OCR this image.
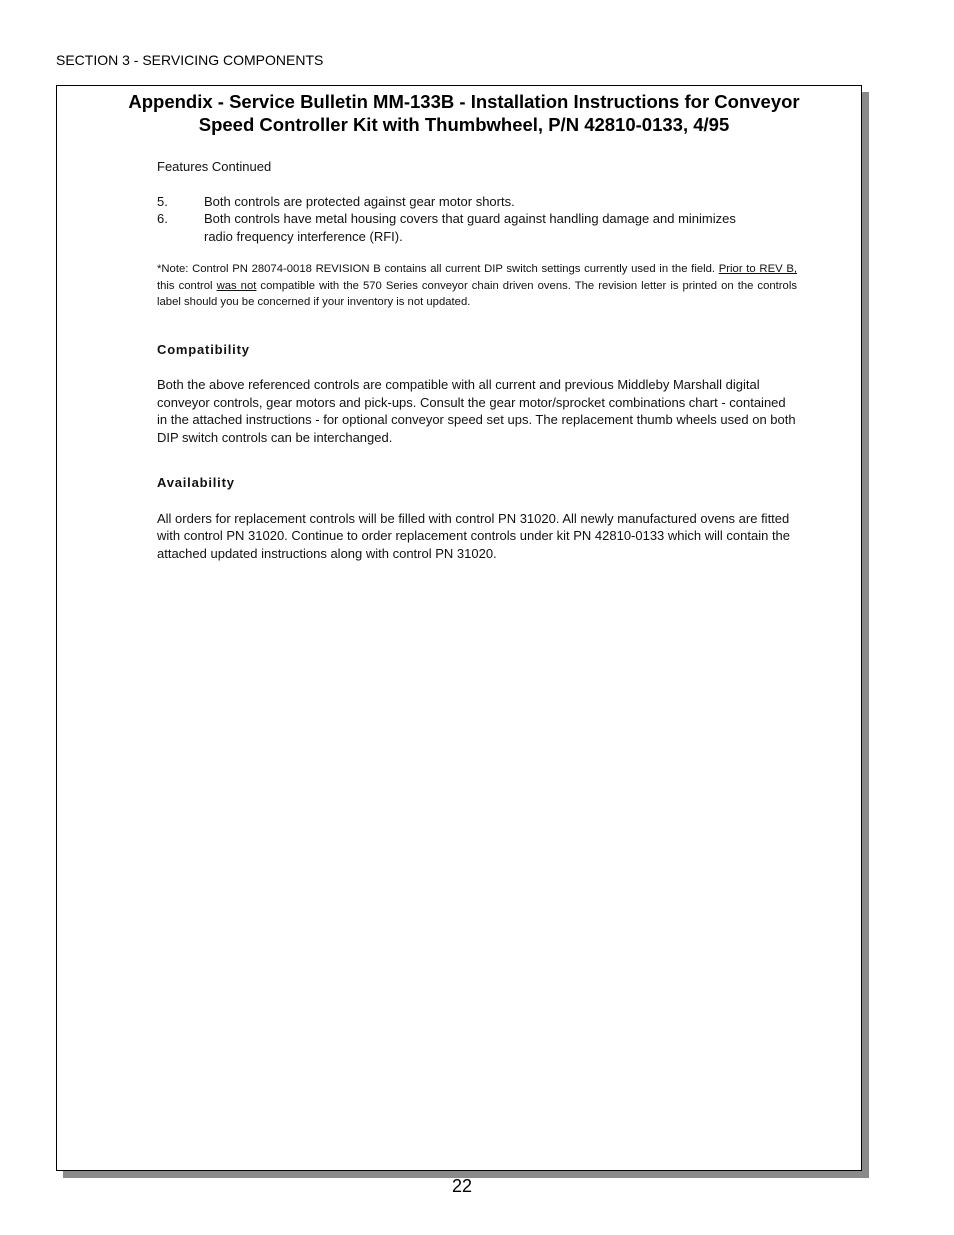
SECTION 3 - SERVICING COMPONENTS
Appendix - Service Bulletin MM-133B - Installation Instructions for Conveyor
Speed Controller Kit with Thumbwheel, P/N 42810-0133, 4/95

Features Continued

5.	Both controls are protected against gear motor shorts.
6.	Both controls have metal housing covers that guard against handling damage and minimizes radio frequency interference (RFI).

*Note: Control PN 28074-0018 REVISION B contains all current DIP switch settings currently used in the field. Prior to REV B, this control was not compatible with the 570 Series conveyor chain driven ovens. The revision letter is printed on the controls label should you be concerned if your inventory is not updated.

Compatibility

Both the above referenced controls are compatible with all current and previous Middleby Marshall digital conveyor controls, gear motors and pick-ups. Consult the gear motor/sprocket combinations chart - contained in the attached instructions - for optional conveyor speed set ups. The replacement thumb wheels used on both DIP switch controls can be interchanged.

Availability

All orders for replacement controls will be filled with control PN 31020. All newly manufactured ovens are fitted with control PN 31020. Continue to order replacement controls under kit PN 42810-0133 which will contain the attached updated instructions along with control PN 31020.

22
